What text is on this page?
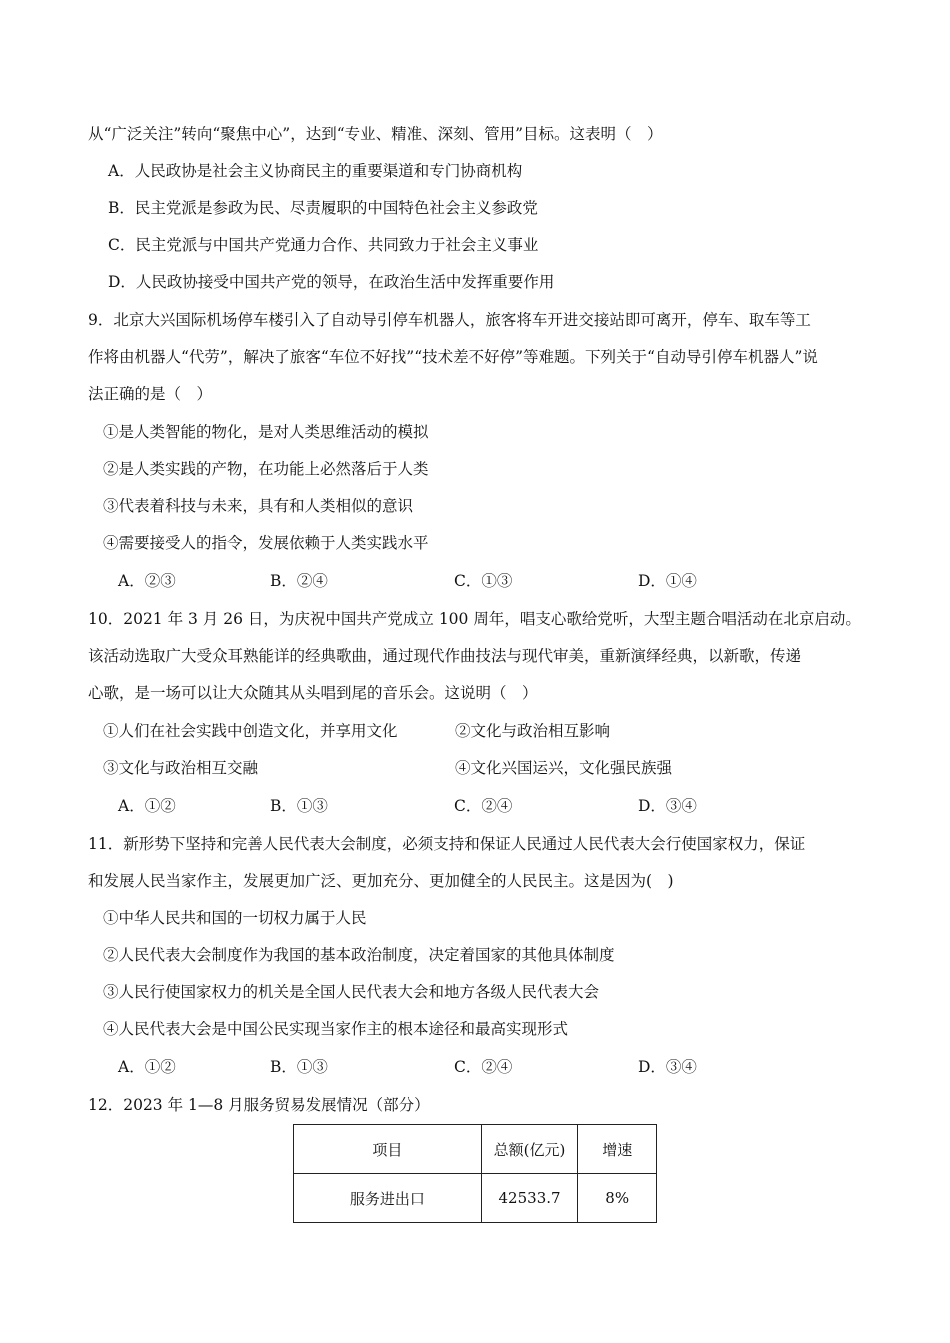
从“广泛关注”转向“聚焦中心”，达到“专业、精准、深刻、管用”目标。这表明（　）
A．人民政协是社会主义协商民主的重要渠道和专门协商机构
B．民主党派是参政为民、尽责履职的中国特色社会主义参政党
C．民主党派与中国共产党通力合作、共同致力于社会主义事业
D．人民政协接受中国共产党的领导，在政治生活中发挥重要作用
9．北京大兴国际机场停车楼引入了自动导引停车机器人，旅客将车开进交接站即可离开，停车、取车等工
作将由机器人“代劳”，解决了旅客“车位不好找”“技术差不好停”等难题。下列关于“自动导引停车机器人”说
法正确的是（　）
①是人类智能的物化，是对人类思维活动的模拟
②是人类实践的产物，在功能上必然落后于人类
③代表着科技与未来，具有和人类相似的意识
④需要接受人的指令，发展依赖于人类实践水平
A．②③	B．②④	C．①③	D．①④
10．2021 年 3 月 26 日，为庆祝中国共产党成立 100 周年，唱支心歌给党听，大型主题合唱活动在北京启动。
该活动选取广大受众耳熟能详的经典歌曲，通过现代作曲技法与现代审美，重新演绎经典，以新歌，传递
心歌，是一场可以让大众随其从头唱到尾的音乐会。这说明（　）
①人们在社会实践中创造文化，并享用文化	②文化与政治相互影响
③文化与政治相互交融	④文化兴国运兴，文化强民族强
A．①②	B．①③	C．②④	D．③④
11．新形势下坚持和完善人民代表大会制度，必须支持和保证人民通过人民代表大会行使国家权力，保证
和发展人民当家作主，发展更加广泛、更加充分、更加健全的人民民主。这是因为(　)
①中华人民共和国的一切权力属于人民
②人民代表大会制度作为我国的基本政治制度，决定着国家的其他具体制度
③人民行使国家权力的机关是全国人民代表大会和地方各级人民代表大会
④人民代表大会是中国公民实现当家作主的根本途径和最高实现形式
A．①②	B．①③	C．②④	D．③④
12．2023 年 1—8 月服务贸易发展情况（部分）
项目	总额(亿元)	增速
服务进出口	42533.7	8%
